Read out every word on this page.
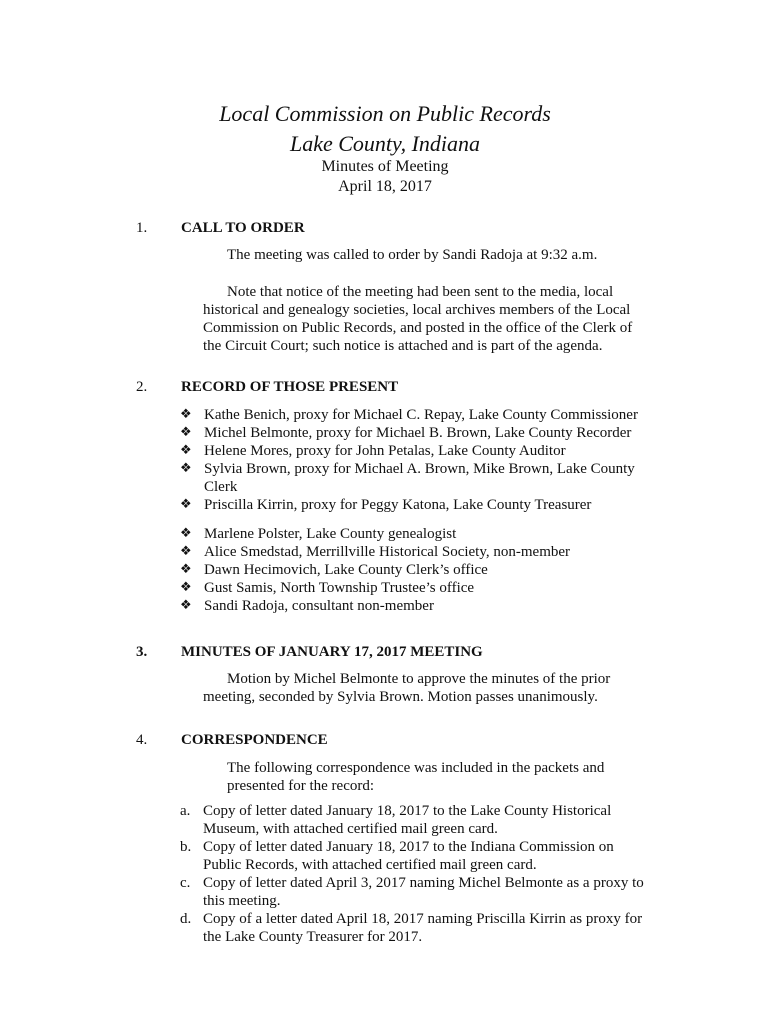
Local Commission on Public Records
Lake County, Indiana
Minutes of Meeting
April 18, 2017
1. CALL TO ORDER
The meeting was called to order by Sandi Radoja at 9:32 a.m.
Note that notice of the meeting had been sent to the media, local historical and genealogy societies, local archives members of the Local Commission on Public Records, and posted in the office of the Clerk of the Circuit Court; such notice is attached and is part of the agenda.
2. RECORD OF THOSE PRESENT
❖ Kathe Benich, proxy for Michael C. Repay, Lake County Commissioner
❖ Michel Belmonte, proxy for Michael B. Brown, Lake County Recorder
❖ Helene Mores, proxy for John Petalas, Lake County Auditor
❖ Sylvia Brown, proxy for Michael A. Brown, Mike Brown, Lake County Clerk
❖ Priscilla Kirrin, proxy for Peggy Katona, Lake County Treasurer
❖ Marlene Polster, Lake County genealogist
❖ Alice Smedstad, Merrillville Historical Society, non-member
❖ Dawn Hecimovich, Lake County Clerk’s office
❖ Gust Samis, North Township Trustee’s office
❖ Sandi Radoja, consultant non-member
3. MINUTES OF JANUARY 17, 2017 MEETING
Motion by Michel Belmonte to approve the minutes of the prior meeting, seconded by Sylvia Brown. Motion passes unanimously.
4. CORRESPONDENCE
The following correspondence was included in the packets and presented for the record:
a. Copy of letter dated January 18, 2017 to the Lake County Historical Museum, with attached certified mail green card.
b. Copy of letter dated January 18, 2017 to the Indiana Commission on Public Records, with attached certified mail green card.
c. Copy of letter dated April 3, 2017 naming Michel Belmonte as a proxy to this meeting.
d. Copy of a letter dated April 18, 2017 naming Priscilla Kirrin as proxy for the Lake County Treasurer for 2017.
